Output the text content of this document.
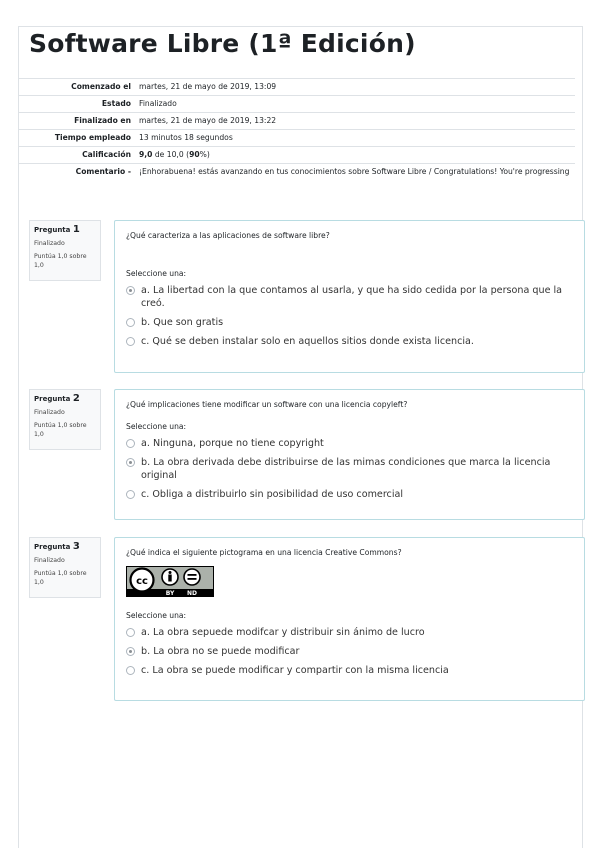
Software Libre (1ª Edición)
Comenzado el	martes, 21 de mayo de 2019, 13:09
Estado	Finalizado
Finalizado en	martes, 21 de mayo de 2019, 13:22
Tiempo empleado	13 minutos 18 segundos
Calificación	9,0 de 10,0 (90%)
Comentario -	¡Enhorabuena! estás avanzando en tus conocimientos sobre Software Libre / Congratulations! You're progressing
Pregunta 1
Finalizado
Puntúa 1,0 sobre 1,0
¿Qué caracteriza a las aplicaciones de software libre?
Seleccione una:
a. La libertad con la que contamos al usarla, y que ha sido cedida por la persona que la creó.
b. Que son gratis
c. Qué se deben instalar solo en aquellos sitios donde exista licencia.
Pregunta 2
Finalizado
Puntúa 1,0 sobre 1,0
¿Qué implicaciones tiene modificar un software con una licencia copyleft?
Seleccione una:
a. Ninguna, porque no tiene copyright
b. La obra derivada debe distribuirse de las mimas condiciones que marca la licencia original
c. Obliga a distribuirlo sin posibilidad de uso comercial
Pregunta 3
Finalizado
Puntúa 1,0 sobre 1,0
¿Qué indica el siguiente pictograma en una licencia Creative Commons?
cc
BY ND
Seleccione una:
a. La obra sepuede modifcar y distribuir sin ánimo de lucro
b. La obra no se puede modificar
c. La obra se puede modificar y compartir con la misma licencia
